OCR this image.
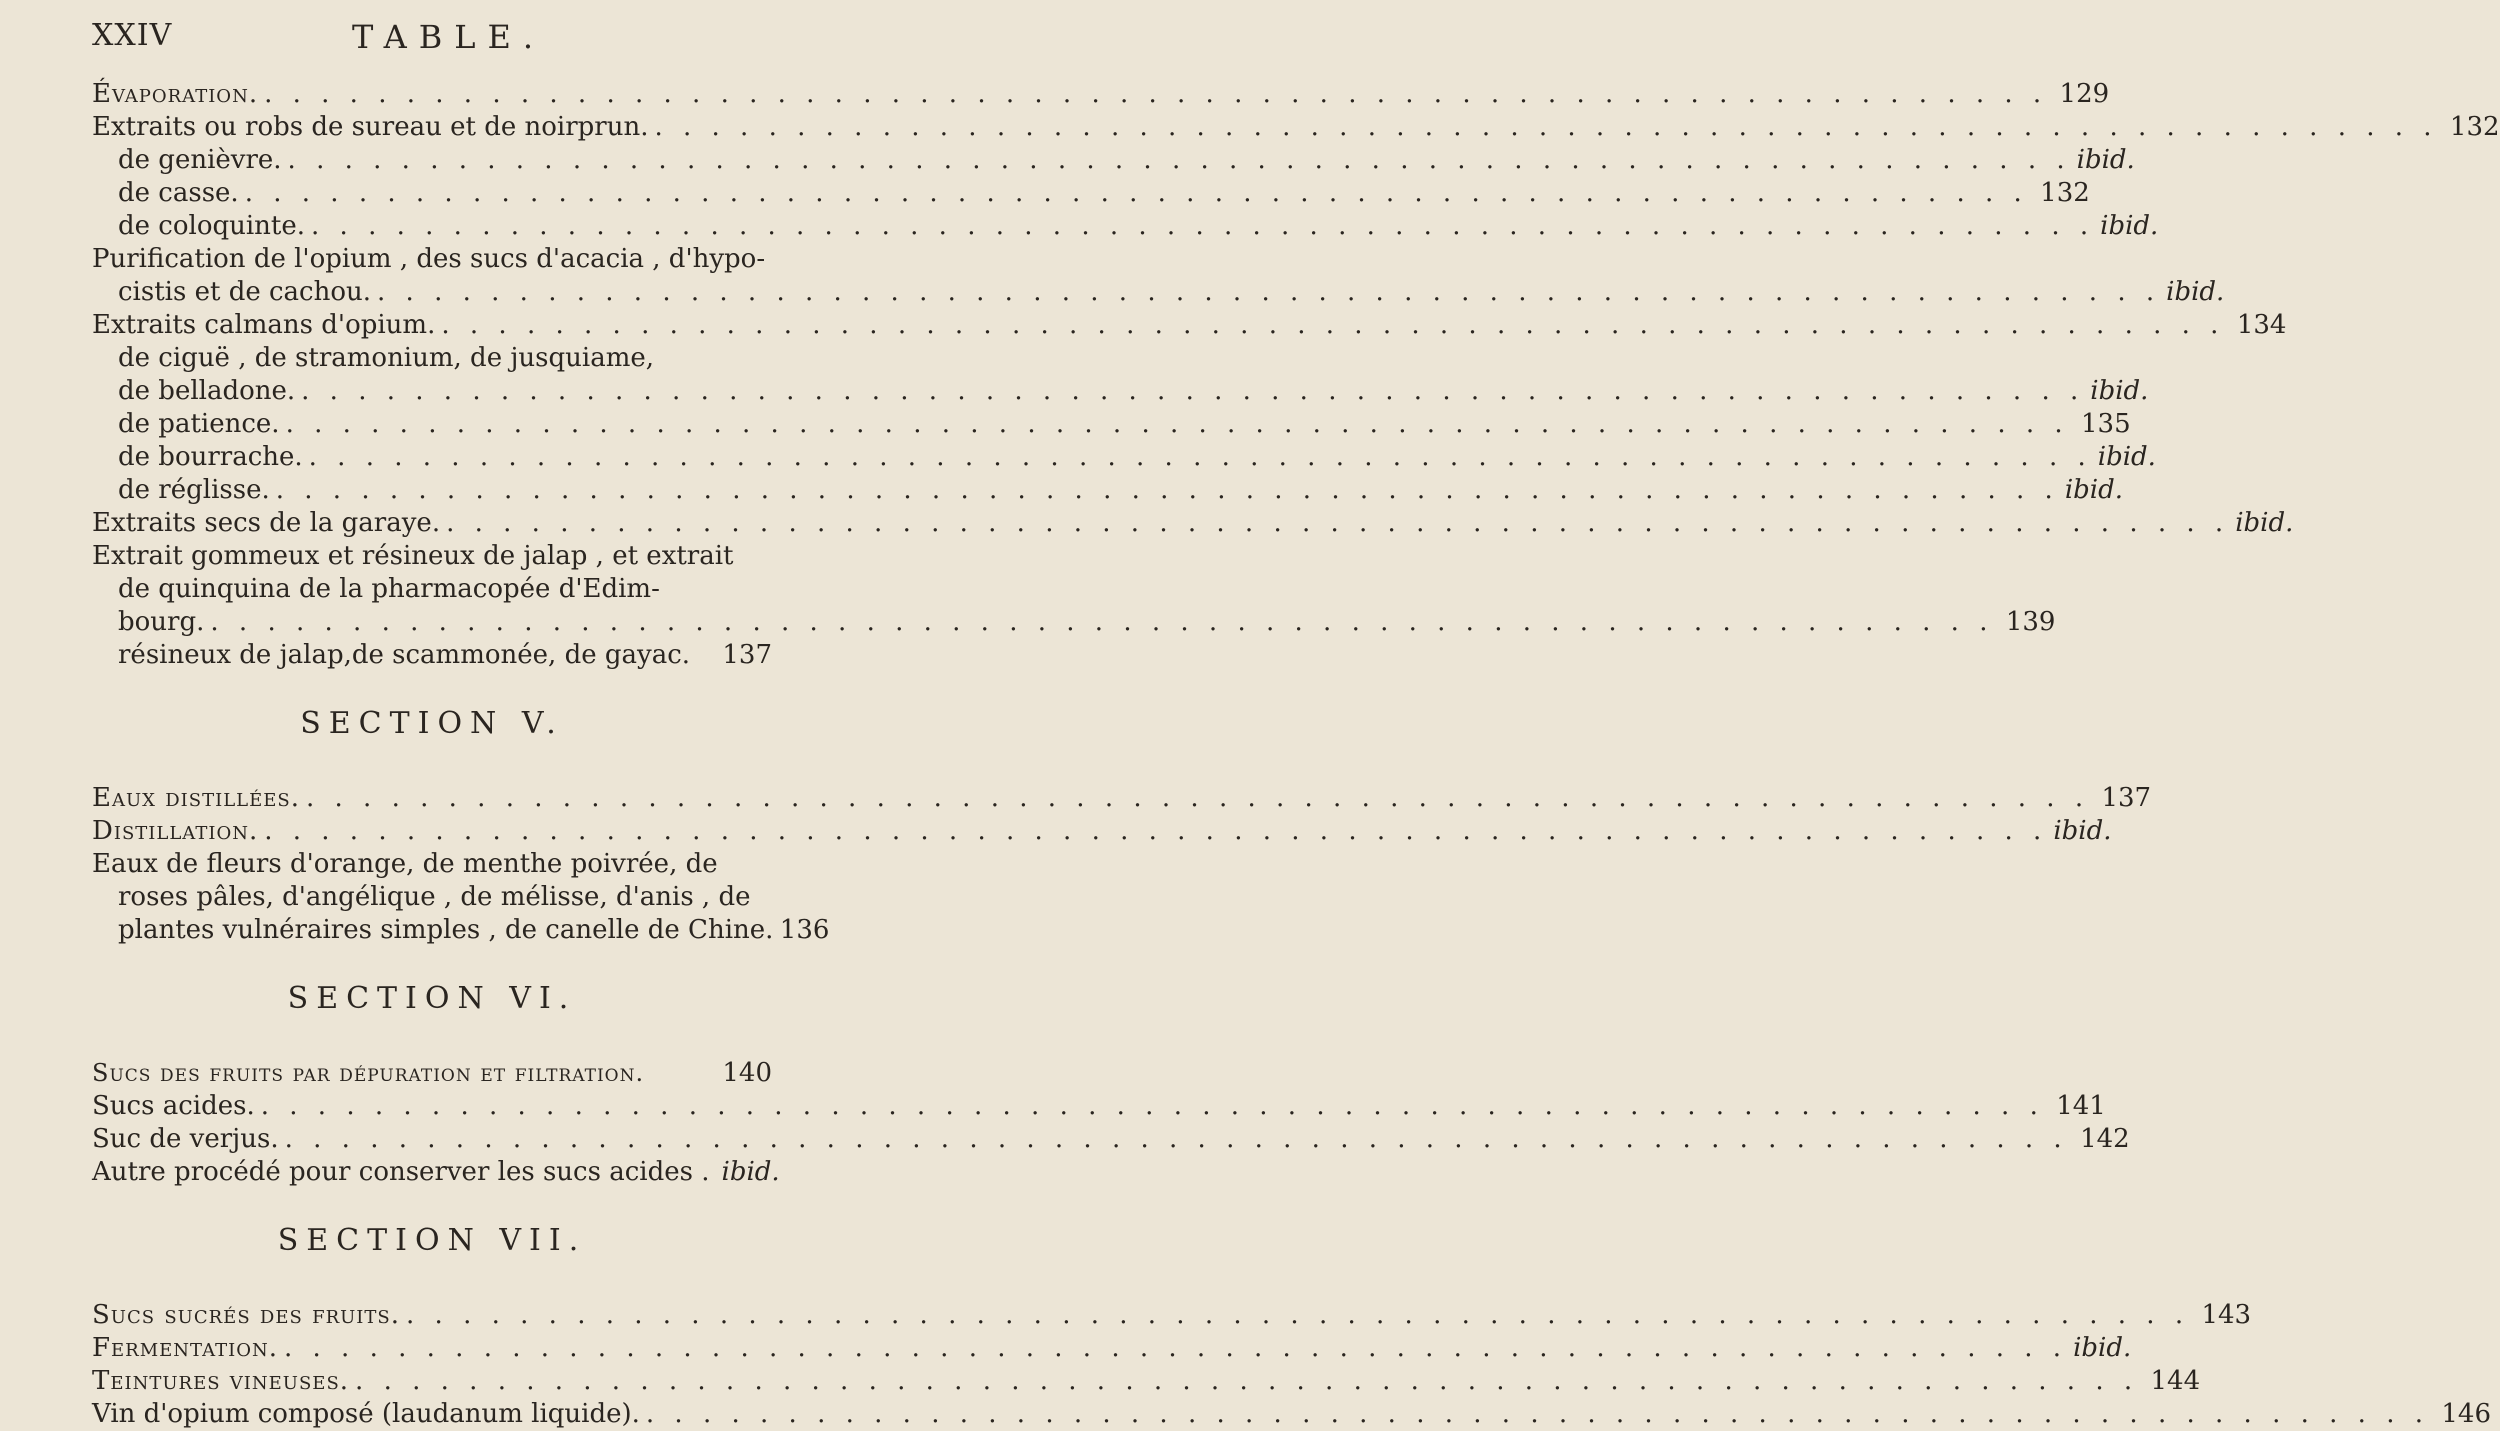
XXIV	TABLE.
Évaporation. . . .	129
Extraits ou robs de sureau et de noirprun. . . .	132
de genièvre. . . .	ibid.
de casse. . . .	132
de coloquinte. . . .	ibid.
Purification de l'opium , des sucs d'acacia , d'hypo-
cistis et de cachou. . . .	ibid.
Extraits calmans d'opium. . . .	134
de ciguë , de stramonium, de jusquiame,
de belladone. . . .	ibid.
de patience. . . .	135
de bourrache. . . .	ibid.
de réglisse. . . .	ibid.
Extraits secs de la garaye. . . .	ibid.
Extrait gommeux et résineux de jalap , et extrait
de quinquina de la pharmacopée d'Edim-
bourg. . . .	139
résineux de jalap,de scammonée, de gayac. 137
SECTION V.
Eaux distillées. . . .	137
Distillation. . . .	ibid.
Eaux de fleurs d'orange, de menthe poivrée, de
roses pâles, d'angélique , de mélisse, d'anis , de
plantes vulnéraires simples , de canelle de Chine. 136
SECTION VI.
Sucs des fruits par dépuration et filtration.	140
Sucs acides. . . .	141
Suc de verjus. . . .	142
Autre procédé pour conserver les sucs acides . ibid.
SECTION VII.
Sucs sucrés des fruits. . . .	143
Fermentation. . . .	ibid.
Teintures vineuses. . . .	144
Vin d'opium composé (laudanum liquide). . . .	146
